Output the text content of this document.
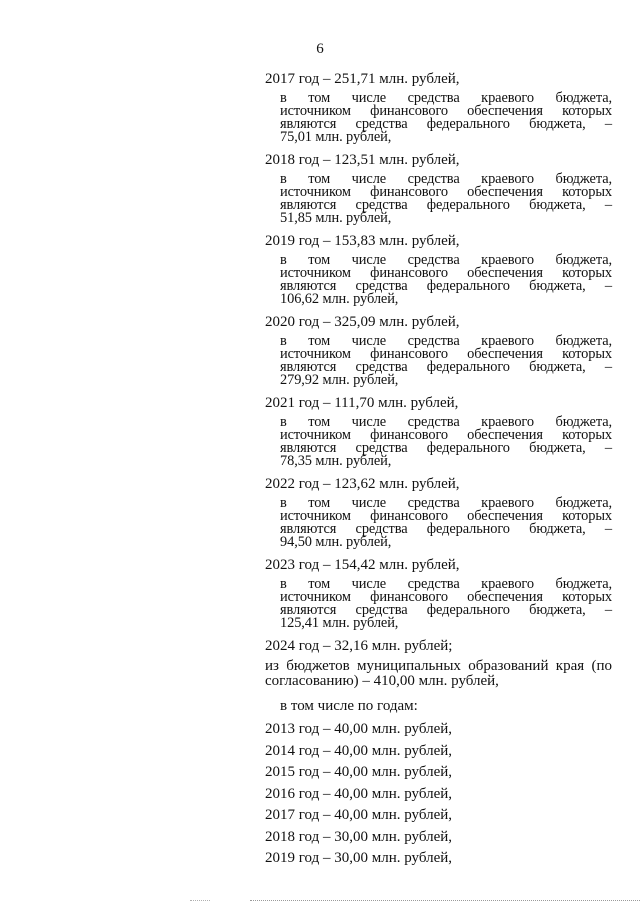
6
2017 год – 251,71 млн. рублей,
в том числе средства краевого бюджета,
источником финансового обеспечения которых
являются средства федерального бюджета, –
75,01 млн. рублей,
2018 год – 123,51 млн. рублей,
в том числе средства краевого бюджета,
источником финансового обеспечения которых
являются средства федерального бюджета, –
51,85 млн. рублей,
2019 год – 153,83 млн. рублей,
в том числе средства краевого бюджета,
источником финансового обеспечения которых
являются средства федерального бюджета, –
106,62 млн. рублей,
2020 год – 325,09 млн. рублей,
в том числе средства краевого бюджета,
источником финансового обеспечения которых
являются средства федерального бюджета, –
279,92 млн. рублей,
2021 год – 111,70 млн. рублей,
в том числе средства краевого бюджета,
источником финансового обеспечения которых
являются средства федерального бюджета, –
78,35 млн. рублей,
2022 год – 123,62 млн. рублей,
в том числе средства краевого бюджета,
источником финансового обеспечения которых
являются средства федерального бюджета, –
94,50 млн. рублей,
2023 год – 154,42 млн. рублей,
в том числе средства краевого бюджета,
источником финансового обеспечения которых
являются средства федерального бюджета, –
125,41 млн. рублей,
2024 год – 32,16 млн. рублей;
из бюджетов муниципальных образований края (по
согласованию) – 410,00 млн. рублей,
в том числе по годам:
2013 год – 40,00 млн. рублей,
2014 год – 40,00 млн. рублей,
2015 год – 40,00 млн. рублей,
2016 год – 40,00 млн. рублей,
2017 год – 40,00 млн. рублей,
2018 год – 30,00 млн. рублей,
2019 год – 30,00 млн. рублей,
